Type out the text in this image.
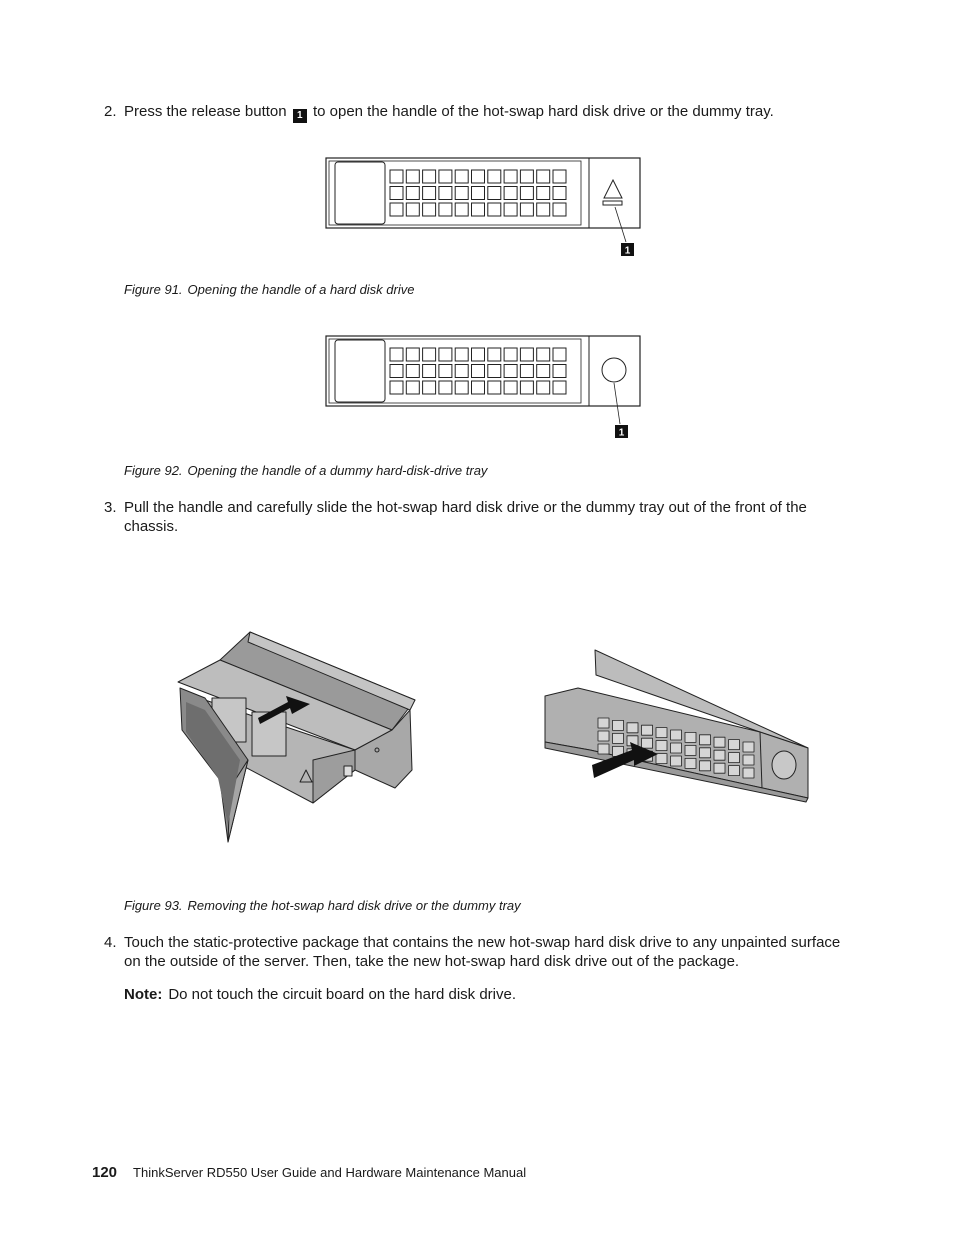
2. Press the release button 1 to open the handle of the hot-swap hard disk drive or the dummy tray.
1
Figure 91. Opening the handle of a hard disk drive
1
Figure 92. Opening the handle of a dummy hard-disk-drive tray
3. Pull the handle and carefully slide the hot-swap hard disk drive or the dummy tray out of the front of the chassis.
Figure 93. Removing the hot-swap hard disk drive or the dummy tray
4. Touch the static-protective package that contains the new hot-swap hard disk drive to any unpainted surface on the outside of the server. Then, take the new hot-swap hard disk drive out of the package.
Note: Do not touch the circuit board on the hard disk drive.
120 ThinkServer RD550 User Guide and Hardware Maintenance Manual
